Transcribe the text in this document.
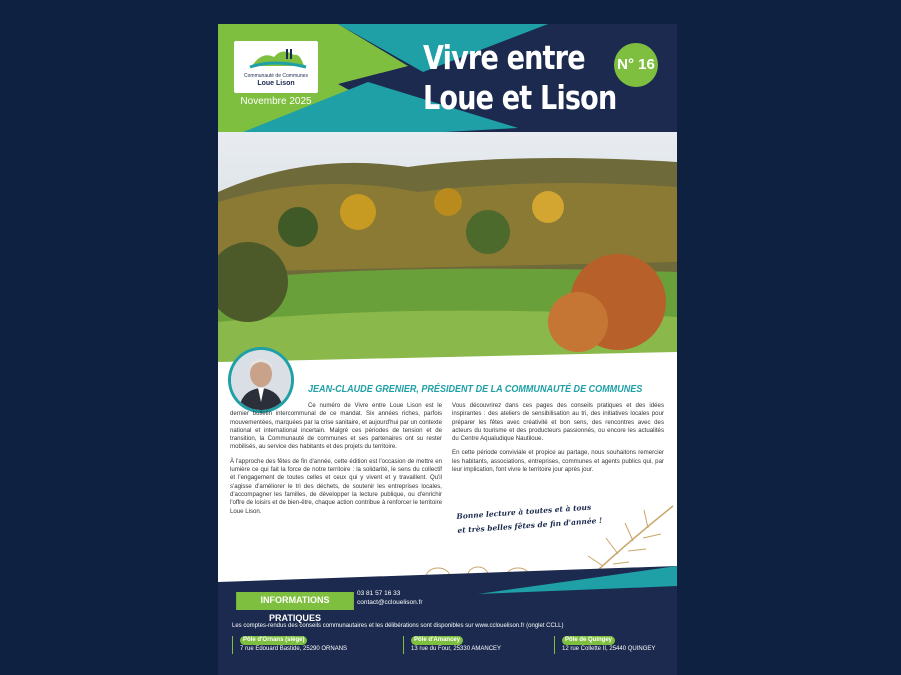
Communauté de Communes
Loue Lison
Novembre 2025
Vivre entre
Loue et Lison
N° 16
JEAN-CLAUDE GRENIER, PRÉSIDENT DE LA COMMUNAUTÉ DE COMMUNES

Ce numéro de Vivre entre Loue Lison est le dernier bulletin intercommunal de ce mandat. Six années riches, parfois mouvementées, marquées par la crise sanitaire, et aujourd'hui par un contexte national et international incertain. Malgré ces périodes de tension et de transition, la Communauté de communes et ses partenaires ont su rester mobilisés, au service des habitants et des projets du territoire.

À l'approche des fêtes de fin d'année, cette édition est l'occasion de mettre en lumière ce qui fait la force de notre territoire : la solidarité, le sens du collectif et l'engagement de toutes celles et ceux qui y vivent et y travaillent. Qu'il s'agisse d'améliorer le tri des déchets, de soutenir les entreprises locales, d'accompagner les familles, de développer la lecture publique, ou d'enrichir l'offre de loisirs et de bien-être, chaque action contribue à renforcer le territoire Loue Lison.

Vous découvrirez dans ces pages des conseils pratiques et des idées inspirantes : des ateliers de sensibilisation au tri, des initiatives locales pour préparer les fêtes avec créativité et bon sens, des rencontres avec des acteurs du tourisme et des producteurs passionnés, ou encore les actualités du Centre Aqualudique Nautiloue.

En cette période conviviale et propice au partage, nous souhaitons remercier les habitants, associations, entreprises, communes et agents publics qui, par leur implication, font vivre le territoire jour après jour.

Bonne lecture à toutes et à tous
et très belles fêtes de fin d'année !
INFORMATIONS PRATIQUES
03 81 57 16 33
contact@cclouelison.fr
Les comptes-rendus des conseils communautaires et les délibérations sont disponibles sur www.cclouelison.fr (onglet CCLL)
Pôle d'Ornans (siège)
7 rue Edouard Bastide, 25290 ORNANS
Pôle d'Amancey
13 rue du Four, 25330 AMANCEY
Pôle de Quingey
12 rue Collette II, 25440 QUINGEY
